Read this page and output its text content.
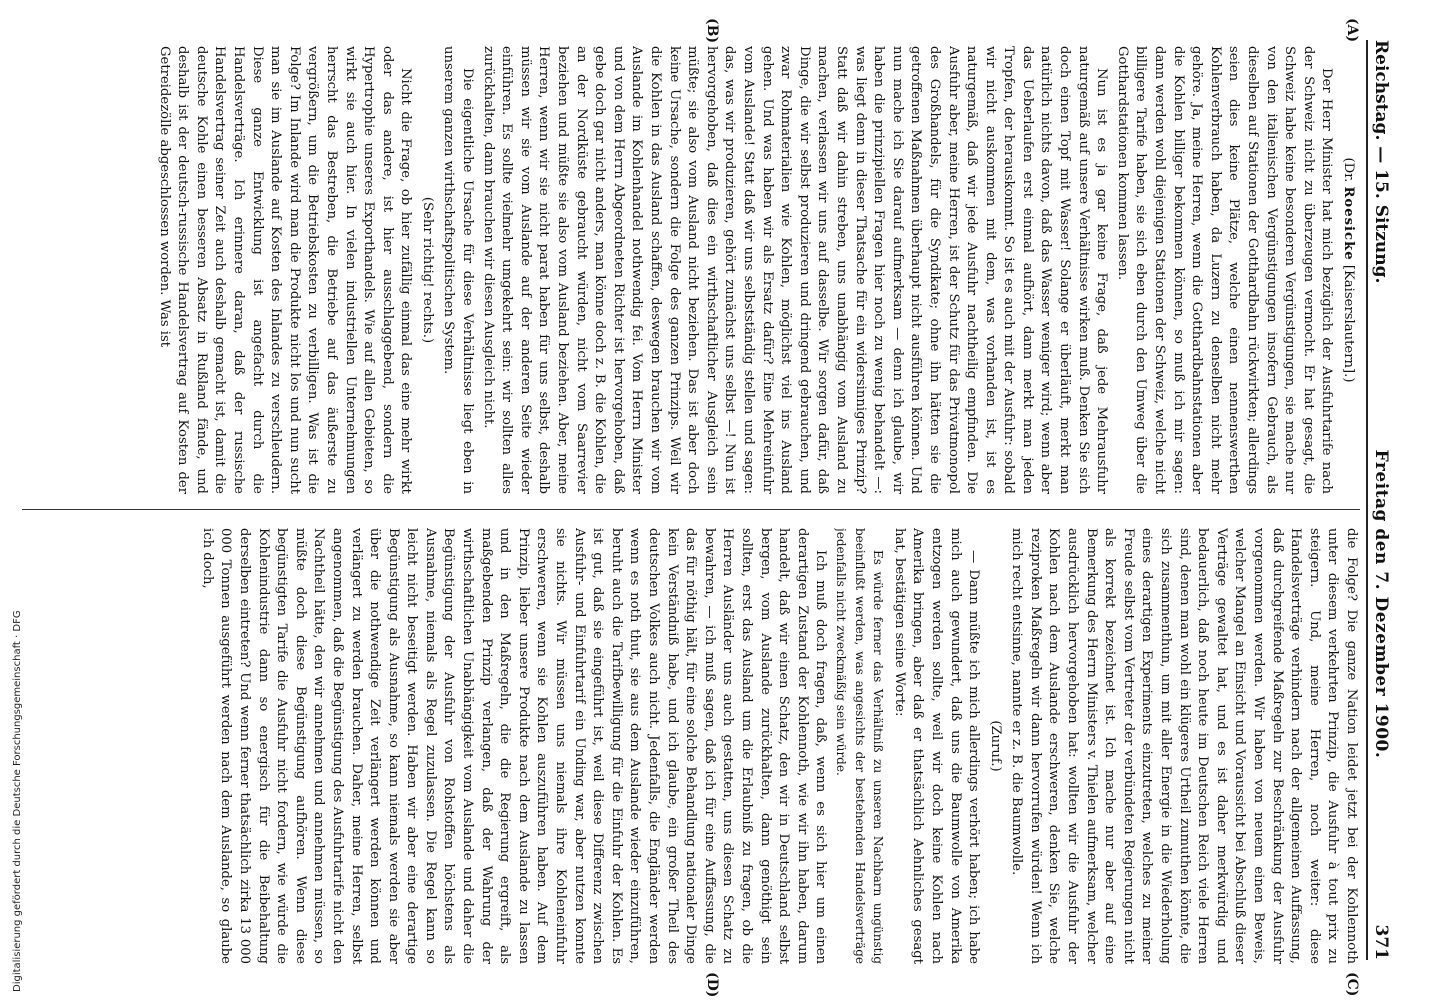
Reichstag. — 15. Sitzung.
Freitag den 7. Dezember 1900.
371
(A)
(B)
(C)
(D)

(Dr. Roesicke [Kaiserslautern].)

Der Herr Minister hat mich bezüglich der Ausfuhrtarife nach der Schweiz nicht zu überzeugen vermocht. Er hat gesagt, die Schweiz habe keine besonderen Vergünstigungen, sie mache nur von den italienischen Vergünstigungen insofern Gebrauch, als dieselben auf Stationen der Gotthardbahn rückwirkten; allerdings seien dies keine Plätze, welche einen nennenswerthen Kohlenverbrauch haben, da Luzern zu denselben nicht mehr gehöre. Ja, meine Herren, wenn die Gotthardbahnstationen aber die Kohlen billiger bekommen können, so muß ich mir sagen: dann werden wohl diejenigen Stationen der Schweiz, welche nicht billigere Tarife haben, sie sich eben durch den Umweg über die Gotthardstationen kommen lassen.

Nun ist es ja gar keine Frage, daß jede Mehrausfuhr naturgemäß auf unsere Verhältnisse wirken muß. Denken Sie sich doch einen Topf mit Wasser! Solange er überläuft, merkt man natürlich nichts davon, daß das Wasser weniger wird; wenn aber das Ueberlaufen erst einmal aufhört, dann merkt man jeden Tropfen, der herauskommt. So ist es auch mit der Ausfuhr: sobald wir nicht auskommen mit dem, was vorhanden ist, ist es naturgemäß, daß wir jede Ausfuhr nachtheilig empfinden. Die Ausfuhr aber, meine Herren, ist der Schutz für das Privatmonopol des Großhandels, für die Syndikate; ohne ihn hätten sie die getroffenen Maßnahmen überhaupt nicht ausführen können. Und nun mache ich Sie darauf aufmerksam — denn ich glaube, wir haben die prinzipiellen Fragen hier noch zu wenig behandelt —: was liegt denn in dieser Thatsache für ein widersinniges Prinzip? Statt daß wir dahin streben, uns unabhängig vom Ausland zu machen, verlassen wir uns auf dasselbe. Wir sorgen dafür, daß Dinge, die wir selbst produzieren und dringend gebrauchen, und zwar Rohmaterialien wie Kohlen, möglichst viel ins Ausland gehen. Und was haben wir als Ersatz dafür? Eine Mehreinfuhr vom Auslande! Statt daß wir uns selbstständig stellen und sagen: das, was wir produzieren, gehört zunächst uns selbst —! Nun ist hervorgehoben, daß dies ein wirthschaftlicher Ausgleich sein müßte; sie also vom Ausland nicht beziehen. Das ist aber doch keine Ursache, sondern die Folge des ganzen Prinzips. Weil wir die Kohlen in das Ausland schaffen, deswegen brauchen wir vom Auslande im Kohlenhandel nothwendig fei. Vom Herrn Minister und von dem Herrn Abgeordneten Richter ist hervorgehoben, daß gebe doch gar nicht anders, man könne doch z. B. die Kohlen, die an der Nordküste gebraucht würden, nicht vom Saarrevier beziehen und müßte sie also vom Ausland beziehen. Aber, meine Herren, wenn wir sie nicht parat haben für uns selbst, deshalb müssen wir sie vom Auslande auf der anderen Seite wieder einführen. Es sollte vielmehr umgekehrt sein: wir sollten alles zurückhalten, dann brauchen wir diesen Ausgleich nicht.

Die eigentliche Ursache für diese Verhältnisse liegt eben in unserem ganzen wirthschaftspolitischen System.

(Sehr richtig! rechts.)

Nicht die Frage, ob hier zufällig einmal das eine mehr wirkt oder das andere, ist hier ausschlaggebend, sondern die Hypertrophie unseres Exporthandels. Wie auf allen Gebieten, so wirkt sie auch hier. In vielen industriellen Unternehmungen herrscht das Bestreben, die Betriebe auf das äußerste zu vergrößern, um die Betriebskosten zu verbilligen. Was ist die Folge? Im Inlande wird man die Produkte nicht los und nun sucht man sie im Auslande auf Kosten des Inlandes zu verschleudern. Diese ganze Entwicklung ist angefacht durch die Handelsverträge. Ich erinnere daran, daß der russische Handelsvertrag seiner Zeit auch deshalb gemacht ist, damit die deutsche Kohle einen besseren Absatz in Rußland fände, und deshalb ist der deutsch-russische Handelsvertrag auf Kosten der Getreidezölle abgeschlossen worden. Was ist

die Folge? Die ganze Nation leidet jetzt bei der Kohlennoth unter diesem verkehrten Prinzip, die Ausfuhr à tout prix zu steigern. Und, meine Herren, noch weiter: diese Handelsverträge verhindern nach der allgemeinen Auffassung, daß durchgreifende Maßregeln zur Beschränkung der Ausfuhr vorgenommen werden. Wir haben von neuem einen Beweis, welcher Mangel an Einsicht und Voraussicht bei Abschluß dieser Verträge gewaltet hat, und es ist daher merkwürdig und bedauerlich, daß noch heute im Deutschen Reich viele Herren sind, denen man wohl ein klügeres Urtheil zumuthen könnte, die sich zusammenthun, um mit aller Energie in die Wiederholung eines derartigen Experiments einzutreten, welches zu meiner Freude selbst vom Vertreter der verbündeten Regierungen nicht als korrekt bezeichnet ist. Ich mache nur aber auf eine Bemerkung des Herrn Ministers v. Thielen aufmerksam, welcher ausdrücklich hervorgehoben hat: wollten wir die Ausfuhr der Kohlen nach dem Auslande erschweren, denken Sie, welche reziproken Maßregeln wir dann hervorrufen würden! Wenn ich mich recht entsinne, nannte er z. B. die Baumwolle.

(Zuruf.)

— Dann müßte ich mich allerdings verhört haben; ich habe mich auch gewundert, daß uns die Baumwolle von Amerika entzogen werden sollte, weil wir doch keine Kohlen nach Amerika bringen, aber daß er thatsächlich Aehnliches gesagt hat, bestätigen seine Worte:

Es würde ferner das Verhältniß zu unseren Nachbarn ungünstig beeinflußt werden, was angesichts der bestehenden Handelsverträge jedenfalls nicht zweckmäßig sein würde.

Ich muß doch fragen, daß, wenn es sich hier um einen derartigen Zustand der Kohlennoth, wie wir ihn haben, darum handelt, daß wir einen Schatz, den wir in Deutschland selbst bergen, vom Auslande zurückhalten, dann genöthigt sein sollten, erst das Ausland um die Erlaubniß zu fragen, ob die Herren Ausländer uns auch gestatten, uns diesen Schatz zu bewahren, — ich muß sagen, daß ich für eine Auffassung, die das für nöthig hält, für eine solche Behandlung nationaler Dinge kein Verständniß habe, und ich glaube, ein großer Theil des deutschen Volkes auch nicht. Jedenfalls, die Engländer werden wenn es noth thut, sie aus dem Auslande wieder einzuführen, beruht auch die Tarifbewilligung für die Einfuhr der Kohlen. Es ist gut, daß sie eingeführt ist, weil diese Differenz zwischen Ausfuhr- und Einfuhrtarif ein Unding war, aber nutzen konnte sie nichts. Wir müssen uns niemals ihre Kohleneinfuhr erschweren, wenn sie Kohlen auszuführen haben. Auf dem Prinzip, lieber unsere Produkte nach dem Auslande zu lassen und in den Maßregeln, die die Regierung ergreift, als maßgebenden Prinzip verlangen, daß der Wahrung der wirthschaftlichen Unabhängigkeit vom Auslande und daher die Begünstigung der Ausfuhr von Rohstoffen höchstens als Ausnahme, niemals als Regel zuzulassen. Die Regel kann so leicht nicht beseitigt werden. Haben wir aber eine derartige Begünstigung als Ausnahme, so kann niemals werden sie aber über die nothwendige Zeit verlängert werden können und verlängert zu werden brauchen. Daher, meine Herren, selbst angenommen, daß die Begünstigung des Ausfuhrtarife nicht den Nachtheil hätte, den wir annehmen und annehmen müssen, so müßte doch diese Begünstigung aufhören. Wenn diese begünstigten Tarife die Ausfuhr nicht fordern, wie würde die Kohlenindustrie dann so energisch für die Beibehaltung derselben eintreten? Und wenn ferner thatsächlich zirka 13 000 000 Tonnen ausgeführt werden nach dem Auslande, so glaube ich doch,

Digitalisierung gefördert durch die Deutsche Forschungsgemeinschaft · DFG
